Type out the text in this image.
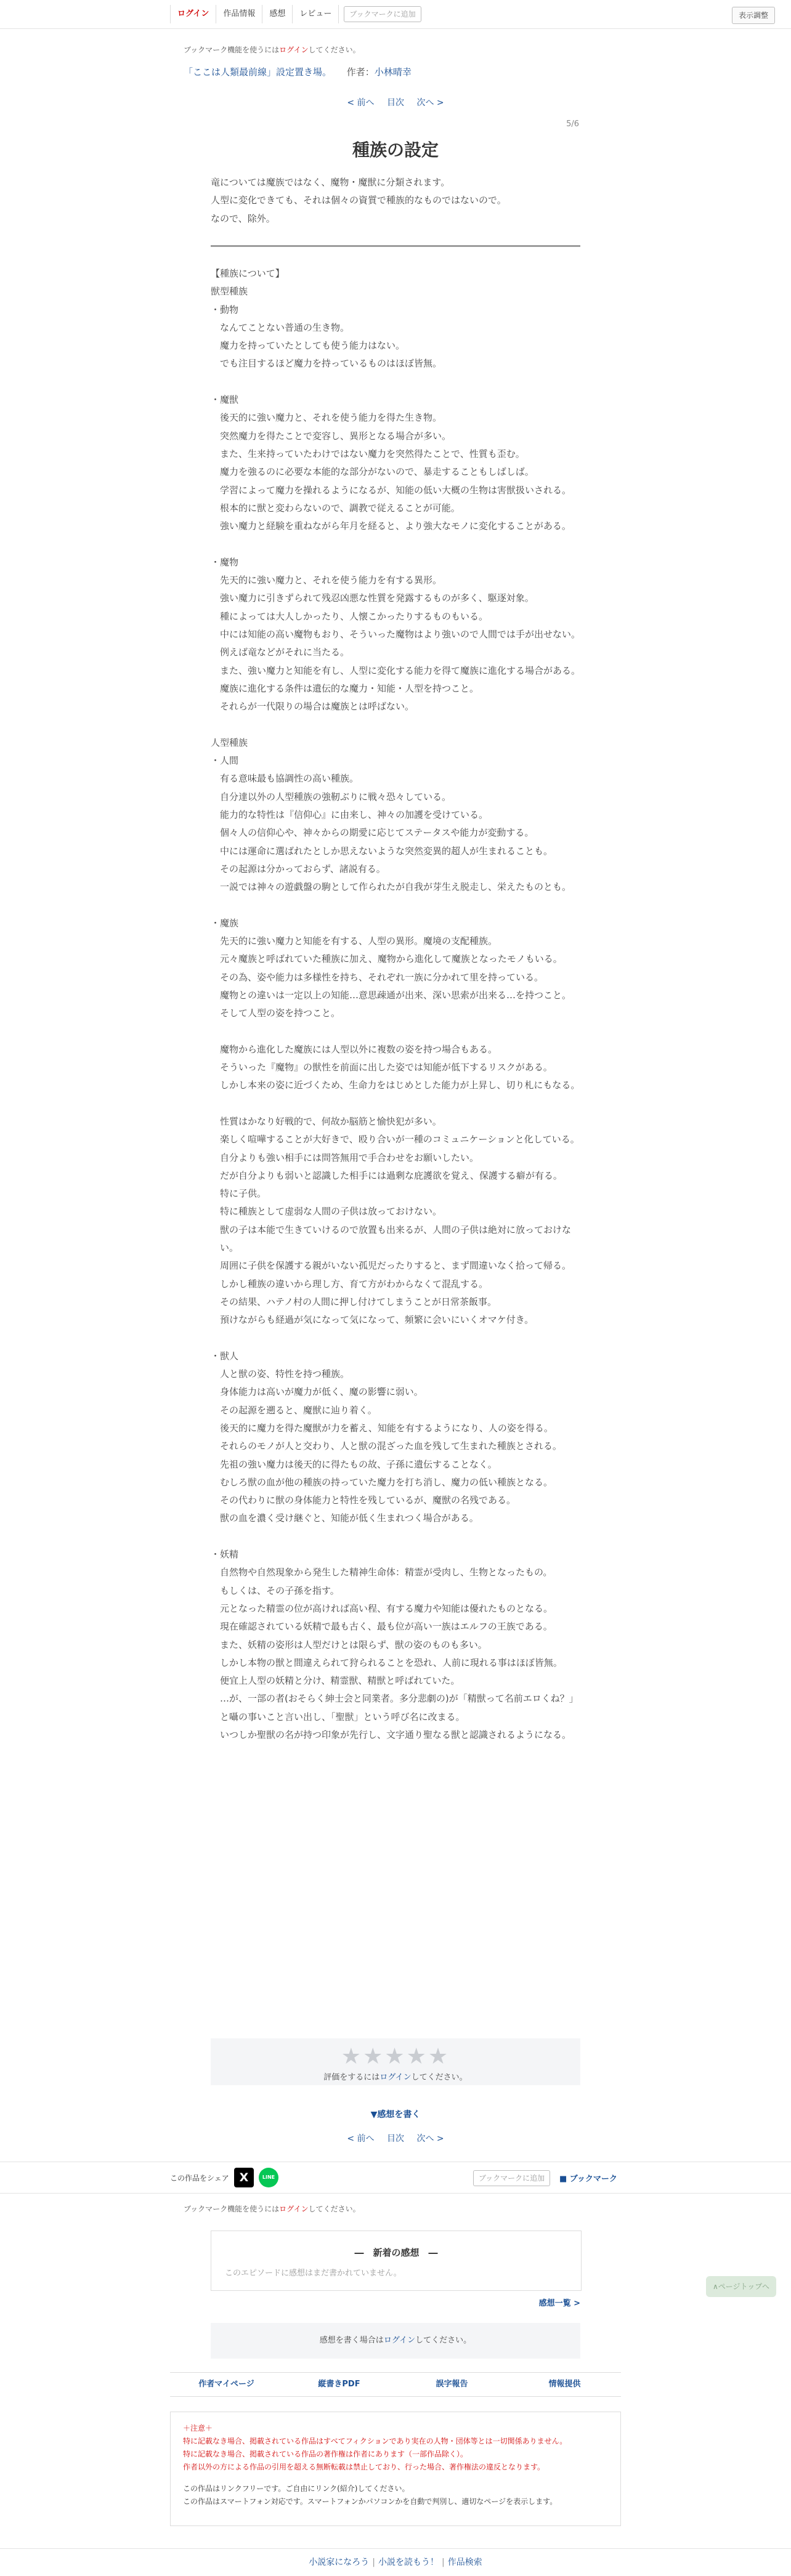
ログイン	作品情報	感想	レビュー	ブックマークに追加	表示調整
ブックマーク機能を使うにはログインしてください。
「ここは人類最前線」設定置き場。 作者：小林晴幸
< 前へ 目次 次へ >
5/6
種族の設定
竜については魔族ではなく、魔物・魔獣に分類されます。
人型に変化できても、それは個々の資質で種族的なものではないので。
なので、除外。

【種族について】

獣型種族

・動物

　なんてことない普通の生き物。

　魔力を持っていたとしても使う能力はない。

　でも注目するほど魔力を持っているものはほぼ皆無。

・魔獣

　後天的に強い魔力と、それを使う能力を得た生き物。

　突然魔力を得たことで変容し、異形となる場合が多い。

　また、生来持っていたわけではない魔力を突然得たことで、性質も歪む。

　魔力を強るのに必要な本能的な部分がないので、暴走することもしばしば。

　学習によって魔力を操れるようになるが、知能の低い大概の生物は害獣扱いされる。

　根本的に獣と変わらないので、調教で従えることが可能。

　強い魔力と経験を重ねながら年月を経ると、より強大なモノに変化することがある。

・魔物

　先天的に強い魔力と、それを使う能力を有する異形。

　強い魔力に引きずられて残忍凶悪な性質を発露するものが多く、駆逐対象。

　種によっては大人しかったり、人懐こかったりするものもいる。

　中には知能の高い魔物もおり、そういった魔物はより強いので人間では手が出せない。

　例えば竜などがそれに当たる。

　また、強い魔力と知能を有し、人型に変化する能力を得て魔族に進化する場合がある。

　魔族に進化する条件は遺伝的な魔力・知能・人型を持つこと。

　それらが一代限りの場合は魔族とは呼ばない。

人型種族

・人間

　有る意味最も協調性の高い種族。

　自分達以外の人型種族の強靭ぶりに戦々恐々している。

　能力的な特性は『信仰心』に由来し、神々の加護を受けている。

　個々人の信仰心や、神々からの期愛に応じてステータスや能力が変動する。

　中には運命に選ばれたとしか思えないような突然変異的超人が生まれることも。

　その起源は分かっておらず、諸説有る。

　一説では神々の遊戯盤の駒として作られたが自我が芽生え脱走し、栄えたものとも。

・魔族

　先天的に強い魔力と知能を有する、人型の異形。魔境の支配種族。

　元々魔族と呼ばれていた種族に加え、魔物から進化して魔族となったモノもいる。

　その為、姿や能力は多様性を持ち、それぞれ一族に分かれて里を持っている。

　魔物との違いは一定以上の知能…意思疎通が出来、深い思索が出来る…を持つこと。

　そして人型の姿を持つこと。

　魔物から進化した魔族には人型以外に複数の姿を持つ場合もある。

　そういった『魔物』の獣性を前面に出した姿では知能が低下するリスクがある。

　しかし本来の姿に近づくため、生命力をはじめとした能力が上昇し、切り札にもなる。

　性質はかなり好戦的で、何故か脳筋と愉快犯が多い。

　楽しく喧嘩することが大好きで、殴り合いが一種のコミュニケーションと化している。

　自分よりも強い相手には問答無用で手合わせをお願いしたい。

　だが自分よりも弱いと認識した相手には過剰な庇護欲を覚え、保護する癖が有る。

　特に子供。

　特に種族として虚弱な人間の子供は放っておけない。

　獣の子は本能で生きていけるので放置も出来るが、人間の子供は絶対に放っておけない。

　周囲に子供を保護する親がいない孤児だったりすると、まず間違いなく拾って帰る。

　しかし種族の違いから理し方、育て方がわからなくて混乱する。

　その結果、ハテノ村の人間に押し付けてしまうことが日常茶飯事。

　預けながらも経過が気になって気になって、頻繁に会いにいくオマケ付き。

・獣人

　人と獣の姿、特性を持つ種族。

　身体能力は高いが魔力が低く、魔の影響に弱い。

　その起源を遡ると、魔獣に辿り着く。

　後天的に魔力を得た魔獣が力を蓄え、知能を有するようになり、人の姿を得る。

　それらのモノが人と交わり、人と獣の混ざった血を残して生まれた種族とされる。

　先祖の強い魔力は後天的に得たもの故、子孫に遺伝することなく。

　むしろ獣の血が他の種族の持っていた魔力を打ち消し、魔力の低い種族となる。

　その代わりに獣の身体能力と特性を残しているが、魔獣の名残である。

　獣の血を濃く受け継ぐと、知能が低く生まれつく場合がある。

・妖精

　自然物や自然現象から発生した精神生命体：精霊が受肉し、生物となったもの。

　もしくは、その子孫を指す。

　元となった精霊の位が高ければ高い程、有する魔力や知能は優れたものとなる。

　現在確認されている妖精で最も古く、最も位が高い一族はエルフの王族である。

　また、妖精の姿形は人型だけとは限らず、獣の姿のものも多い。

　しかし本物の獣と間違えられて狩られることを恐れ、人前に現れる事はほぼ皆無。

　便宜上人型の妖精と分け、精霊獣、精獣と呼ばれていた。

　…が、一部の者(おそらく紳士会と同業者。多分悲劇の)が「精獣って名前エロくね？」と囁の事いこと言い出し、「聖獣」という呼び名に改まる。

　いつしか聖獣の名が持つ印象が先行し、文字通り聖なる獣と認識されるようになる。

★★★★★
評価をするにはログインしてください。
▼感想を書く
< 前へ 目次 次へ >
この作品をシェア X	LINE	ブックマークに追加	■ ブックマーク
ブックマーク機能を使うにはログインしてください。
―　新着の感想　―
このエピソードに感想はまだ書かれていません。
感想一覧 >
感想を書く場合はログインしてください。
∧ページトップへ
作者マイページ	縦書きPDF	誤字報告	情報提供
＋注意＋
特に記載なき場合、掲載されている作品はすべてフィクションであり実在の人物・団体等とは一切関係ありません。
特に記載なき場合、掲載されている作品の著作権は作者にあります（一部作品除く）。
作者以外の方による作品の引用を超える無断転載は禁止しており、行った場合、著作権法の違反となります。
この作品はリンクフリーです。ご自由にリンク(紹介)してください。
この作品はスマートフォン対応です。スマートフォンかパソコンかを自動で判別し、適切なページを表示します。
小説家になろう | 小説を読もう！ | 作品検索
